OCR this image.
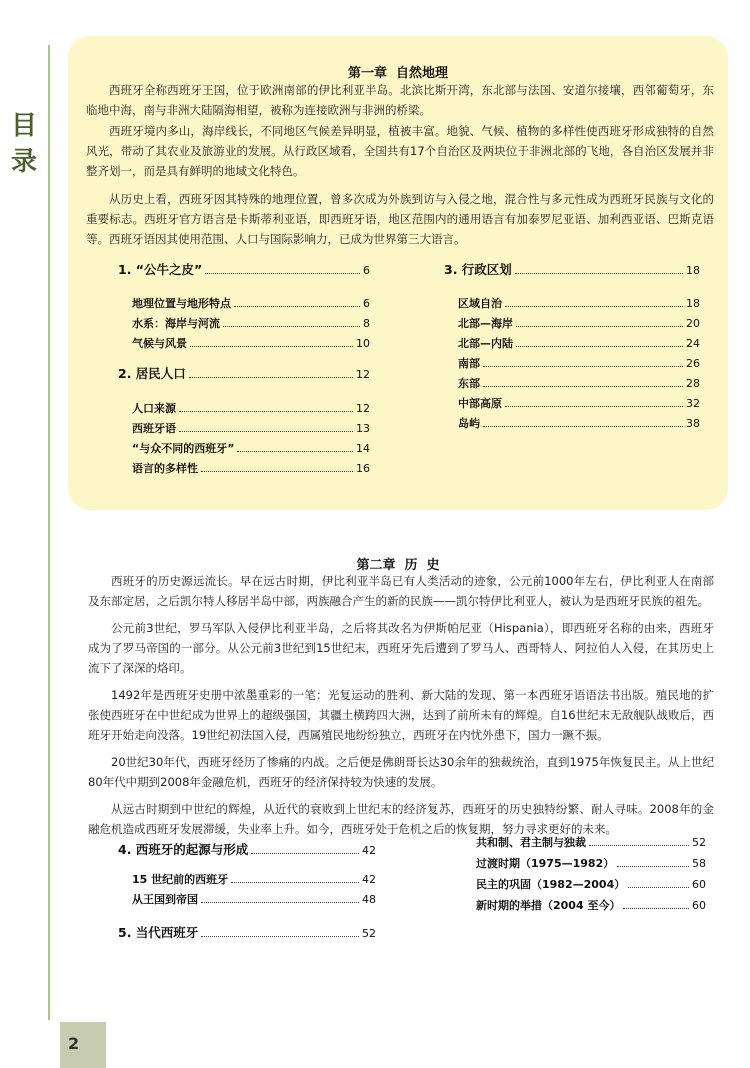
目录
第一章  自然地理

西班牙全称西班牙王国，位于欧洲南部的伊比利亚半岛。北滨比斯开湾，东北部与法国、安道尔接壤，西邻葡萄牙，东临地中海，南与非洲大陆隔海相望，被称为连接欧洲与非洲的桥梁。

西班牙境内多山，海岸线长，不同地区气候差异明显，植被丰富。地貌、气候、植物的多样性使西班牙形成独特的自然风光，带动了其农业及旅游业的发展。从行政区域看，全国共有17个自治区及两块位于非洲北部的飞地，各自治区发展并非整齐划一，而是具有鲜明的地域文化特色。

从历史上看，西班牙因其特殊的地理位置，曾多次成为外族到访与入侵之地，混合性与多元性成为西班牙民族与文化的重要标志。西班牙官方语言是卡斯蒂利亚语，即西班牙语，地区范围内的通用语言有加泰罗尼亚语、加利西亚语、巴斯克语等。西班牙语因其使用范围、人口与国际影响力，已成为世界第三大语言。

1. “公牛之皮”	6
地理位置与地形特点	6
水系：海岸与河流	8
气候与风景	10
2. 居民人口	12
人口来源	12
西班牙语	13
“与众不同的西班牙”	14
语言的多样性	16
3. 行政区划	18
区域自治	18
北部—海岸	20
北部—内陆	24
南部	26
东部	28
中部高原	32
岛屿	38
第二章  历  史

西班牙的历史源远流长。早在远古时期，伊比利亚半岛已有人类活动的迹象，公元前1000年左右，伊比利亚人在南部及东部定居，之后凯尔特人移居半岛中部，两族融合产生的新的民族——凯尔特伊比利亚人，被认为是西班牙民族的祖先。

公元前3世纪，罗马军队入侵伊比利亚半岛，之后将其改名为伊斯帕尼亚（Hispania），即西班牙名称的由来，西班牙成为了罗马帝国的一部分。从公元前3世纪到15世纪末，西班牙先后遭到了罗马人、西哥特人、阿拉伯人入侵，在其历史上流下了深深的烙印。

1492年是西班牙史册中浓墨重彩的一笔：光复运动的胜利、新大陆的发现、第一本西班牙语语法书出版。殖民地的扩张使西班牙在中世纪成为世界上的超级强国，其疆土横跨四大洲，达到了前所未有的辉煌。自16世纪末无敌舰队战败后，西班牙开始走向没落。19世纪初法国入侵，西属殖民地纷纷独立，西班牙在内忧外患下，国力一蹶不振。

20世纪30年代，西班牙经历了惨痛的内战。之后便是佛朗哥长达30余年的独裁统治，直到1975年恢复民主。从上世纪80年代中期到2008年金融危机，西班牙的经济保持较为快速的发展。

从远古时期到中世纪的辉煌，从近代的衰败到上世纪末的经济复苏，西班牙的历史独特纷繁、耐人寻味。2008年的金融危机造成西班牙发展滞缓，失业率上升。如今，西班牙处于危机之后的恢复期，努力寻求更好的未来。

4. 西班牙的起源与形成	42
15 世纪前的西班牙	42
从王国到帝国	48
5. 当代西班牙	52
共和制、君主制与独裁	52
过渡时期（1975—1982）	58
民主的巩固（1982—2004）	60
新时期的举措（2004 至今）	60
2
